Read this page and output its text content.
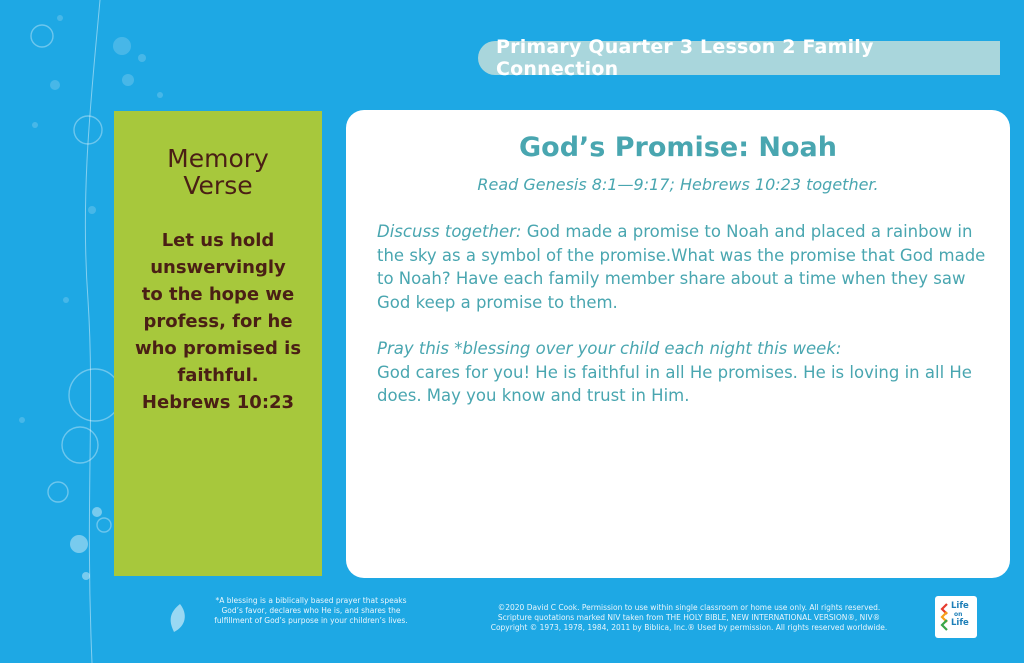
Primary Quarter 3 Lesson 2 Family Connection
Memory
Verse
Let us hold
unswervingly
to the hope we
profess, for he
who promised is
faithful.
Hebrews 10:23
God’s Promise: Noah
Read Genesis 8:1—9:17; Hebrews 10:23 together.
Discuss together: God made a promise to Noah and placed a rainbow in the sky as a symbol of the promise.What was the promise that God made to Noah? Have each family member share about a time when they saw God keep a promise to them.
Pray this *blessing over your child each night this week:
God cares for you! He is faithful in all He promises. He is loving in all He does. May you know and trust in Him.
*A blessing is a biblically based prayer that speaks
God’s favor, declares who He is, and shares the
fulfillment of God’s purpose in your children’s lives.
©2020 David C Cook. Permission to use within single classroom or home use only. All rights reserved.
Scripture quotations marked NIV taken from THE HOLY BIBLE, NEW INTERNATIONAL VERSION®, NIV®
Copyright © 1973, 1978, 1984, 2011 by Biblica, Inc.® Used by permission. All rights reserved worldwide.
Life
on
Life
